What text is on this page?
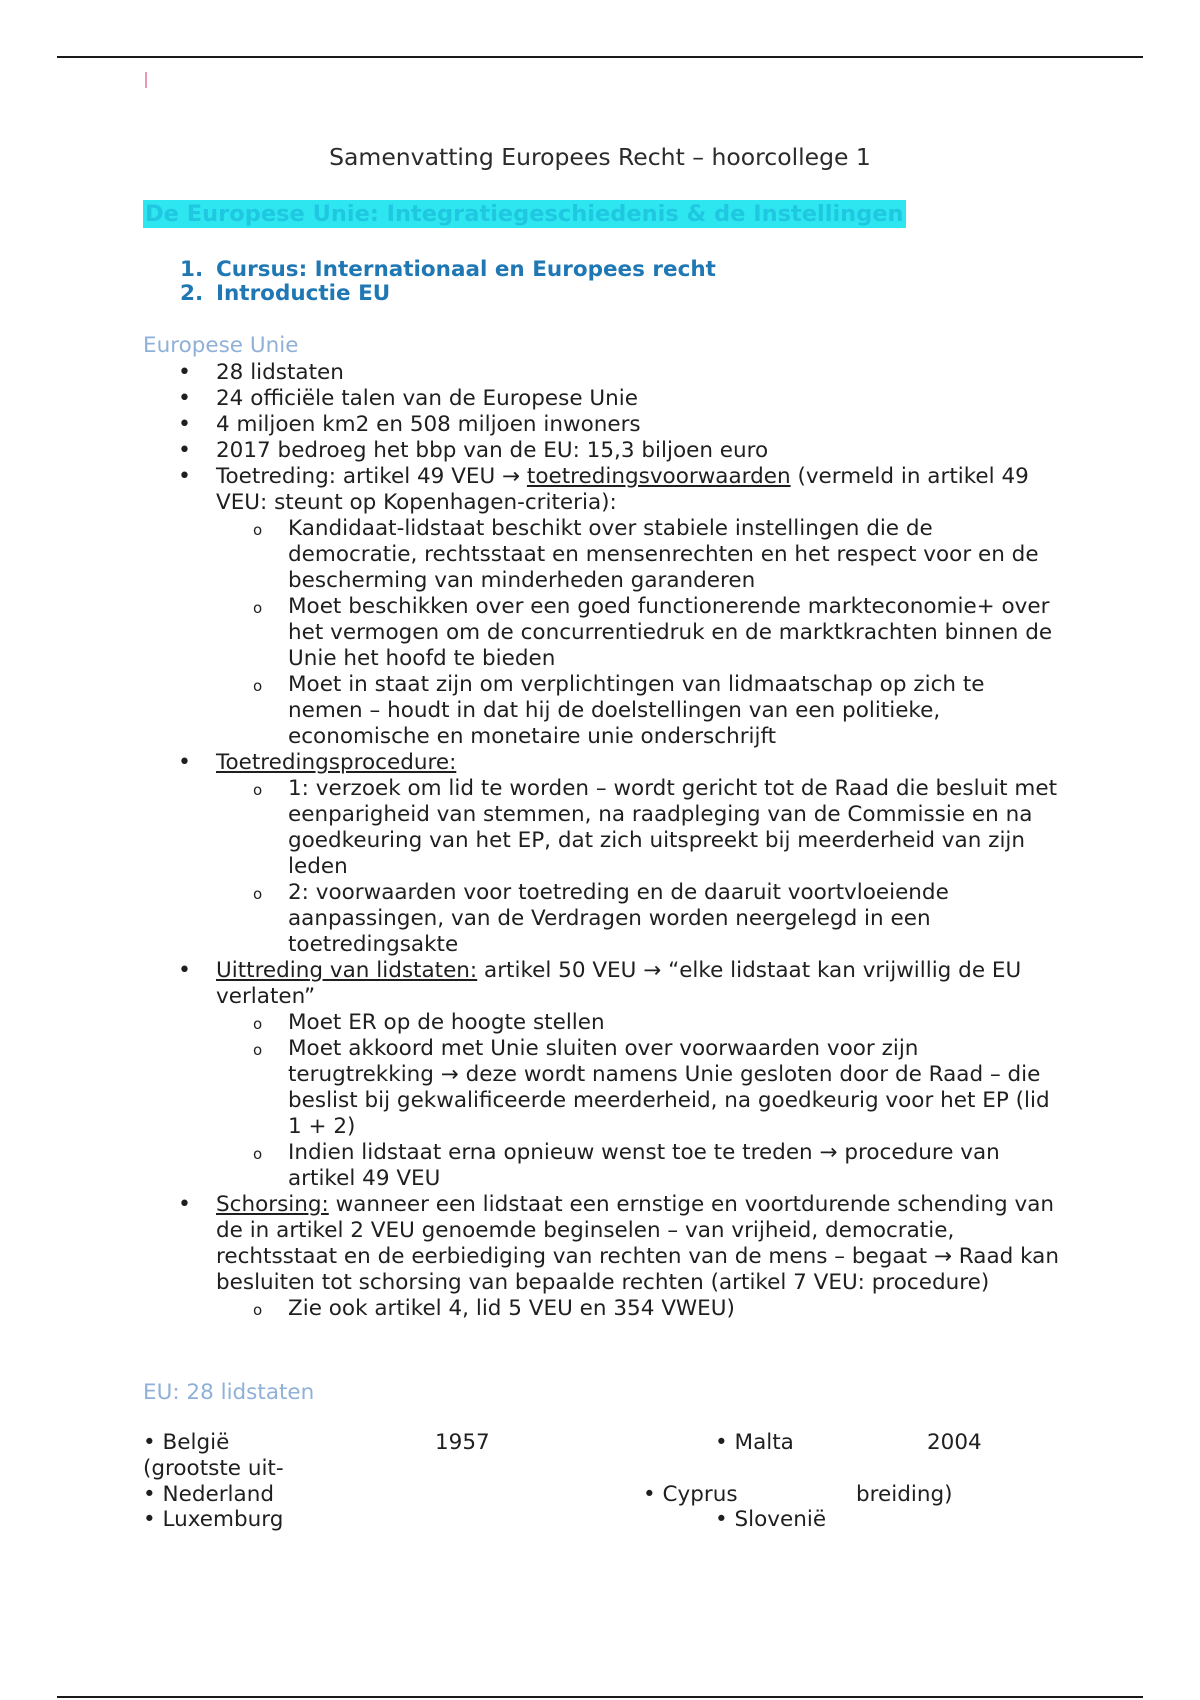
Samenvatting Europees Recht – hoorcollege 1
De Europese Unie: Integratiegeschiedenis & de Instellingen
1. Cursus: Internationaal en Europees recht
2. Introductie EU
Europese Unie
• 28 lidstaten
• 24 officiële talen van de Europese Unie
• 4 miljoen km2 en 508 miljoen inwoners
• 2017 bedroeg het bbp van de EU: 15,3 biljoen euro
• Toetreding: artikel 49 VEU → toetredingsvoorwaarden (vermeld in artikel 49 VEU: steunt op Kopenhagen-criteria):
o Kandidaat-lidstaat beschikt over stabiele instellingen die de democratie, rechtsstaat en mensenrechten en het respect voor en de bescherming van minderheden garanderen
o Moet beschikken over een goed functionerende markteconomie+ over het vermogen om de concurrentiedruk en de marktkrachten binnen de Unie het hoofd te bieden
o Moet in staat zijn om verplichtingen van lidmaatschap op zich te nemen – houdt in dat hij de doelstellingen van een politieke, economische en monetaire unie onderschrijft
• Toetredingsprocedure:
o 1: verzoek om lid te worden – wordt gericht tot de Raad die besluit met eenparigheid van stemmen, na raadpleging van de Commissie en na goedkeuring van het EP, dat zich uitspreekt bij meerderheid van zijn leden
o 2: voorwaarden voor toetreding en de daaruit voortvloeiende aanpassingen, van de Verdragen worden neergelegd in een toetredingsakte
• Uittreding van lidstaten: artikel 50 VEU → “elke lidstaat kan vrijwillig de EU verlaten”
o Moet ER op de hoogte stellen
o Moet akkoord met Unie sluiten over voorwaarden voor zijn terugtrekking → deze wordt namens Unie gesloten door de Raad – die beslist bij gekwalificeerde meerderheid, na goedkeurig voor het EP (lid 1 + 2)
o Indien lidstaat erna opnieuw wenst toe te treden → procedure van artikel 49 VEU
• Schorsing: wanneer een lidstaat een ernstige en voortdurende schending van de in artikel 2 VEU genoemde beginselen – van vrijheid, democratie, rechtsstaat en de eerbiediging van rechten van de mens – begaat → Raad kan besluiten tot schorsing van bepaalde rechten (artikel 7 VEU: procedure)
o Zie ook artikel 4, lid 5 VEU en 354 VWEU)
EU: 28 lidstaten
• België
(grootste uit-
• Nederland
• Luxemburg
1957	• Malta
• Cyprus
• Slovenië
2004
breiding)
